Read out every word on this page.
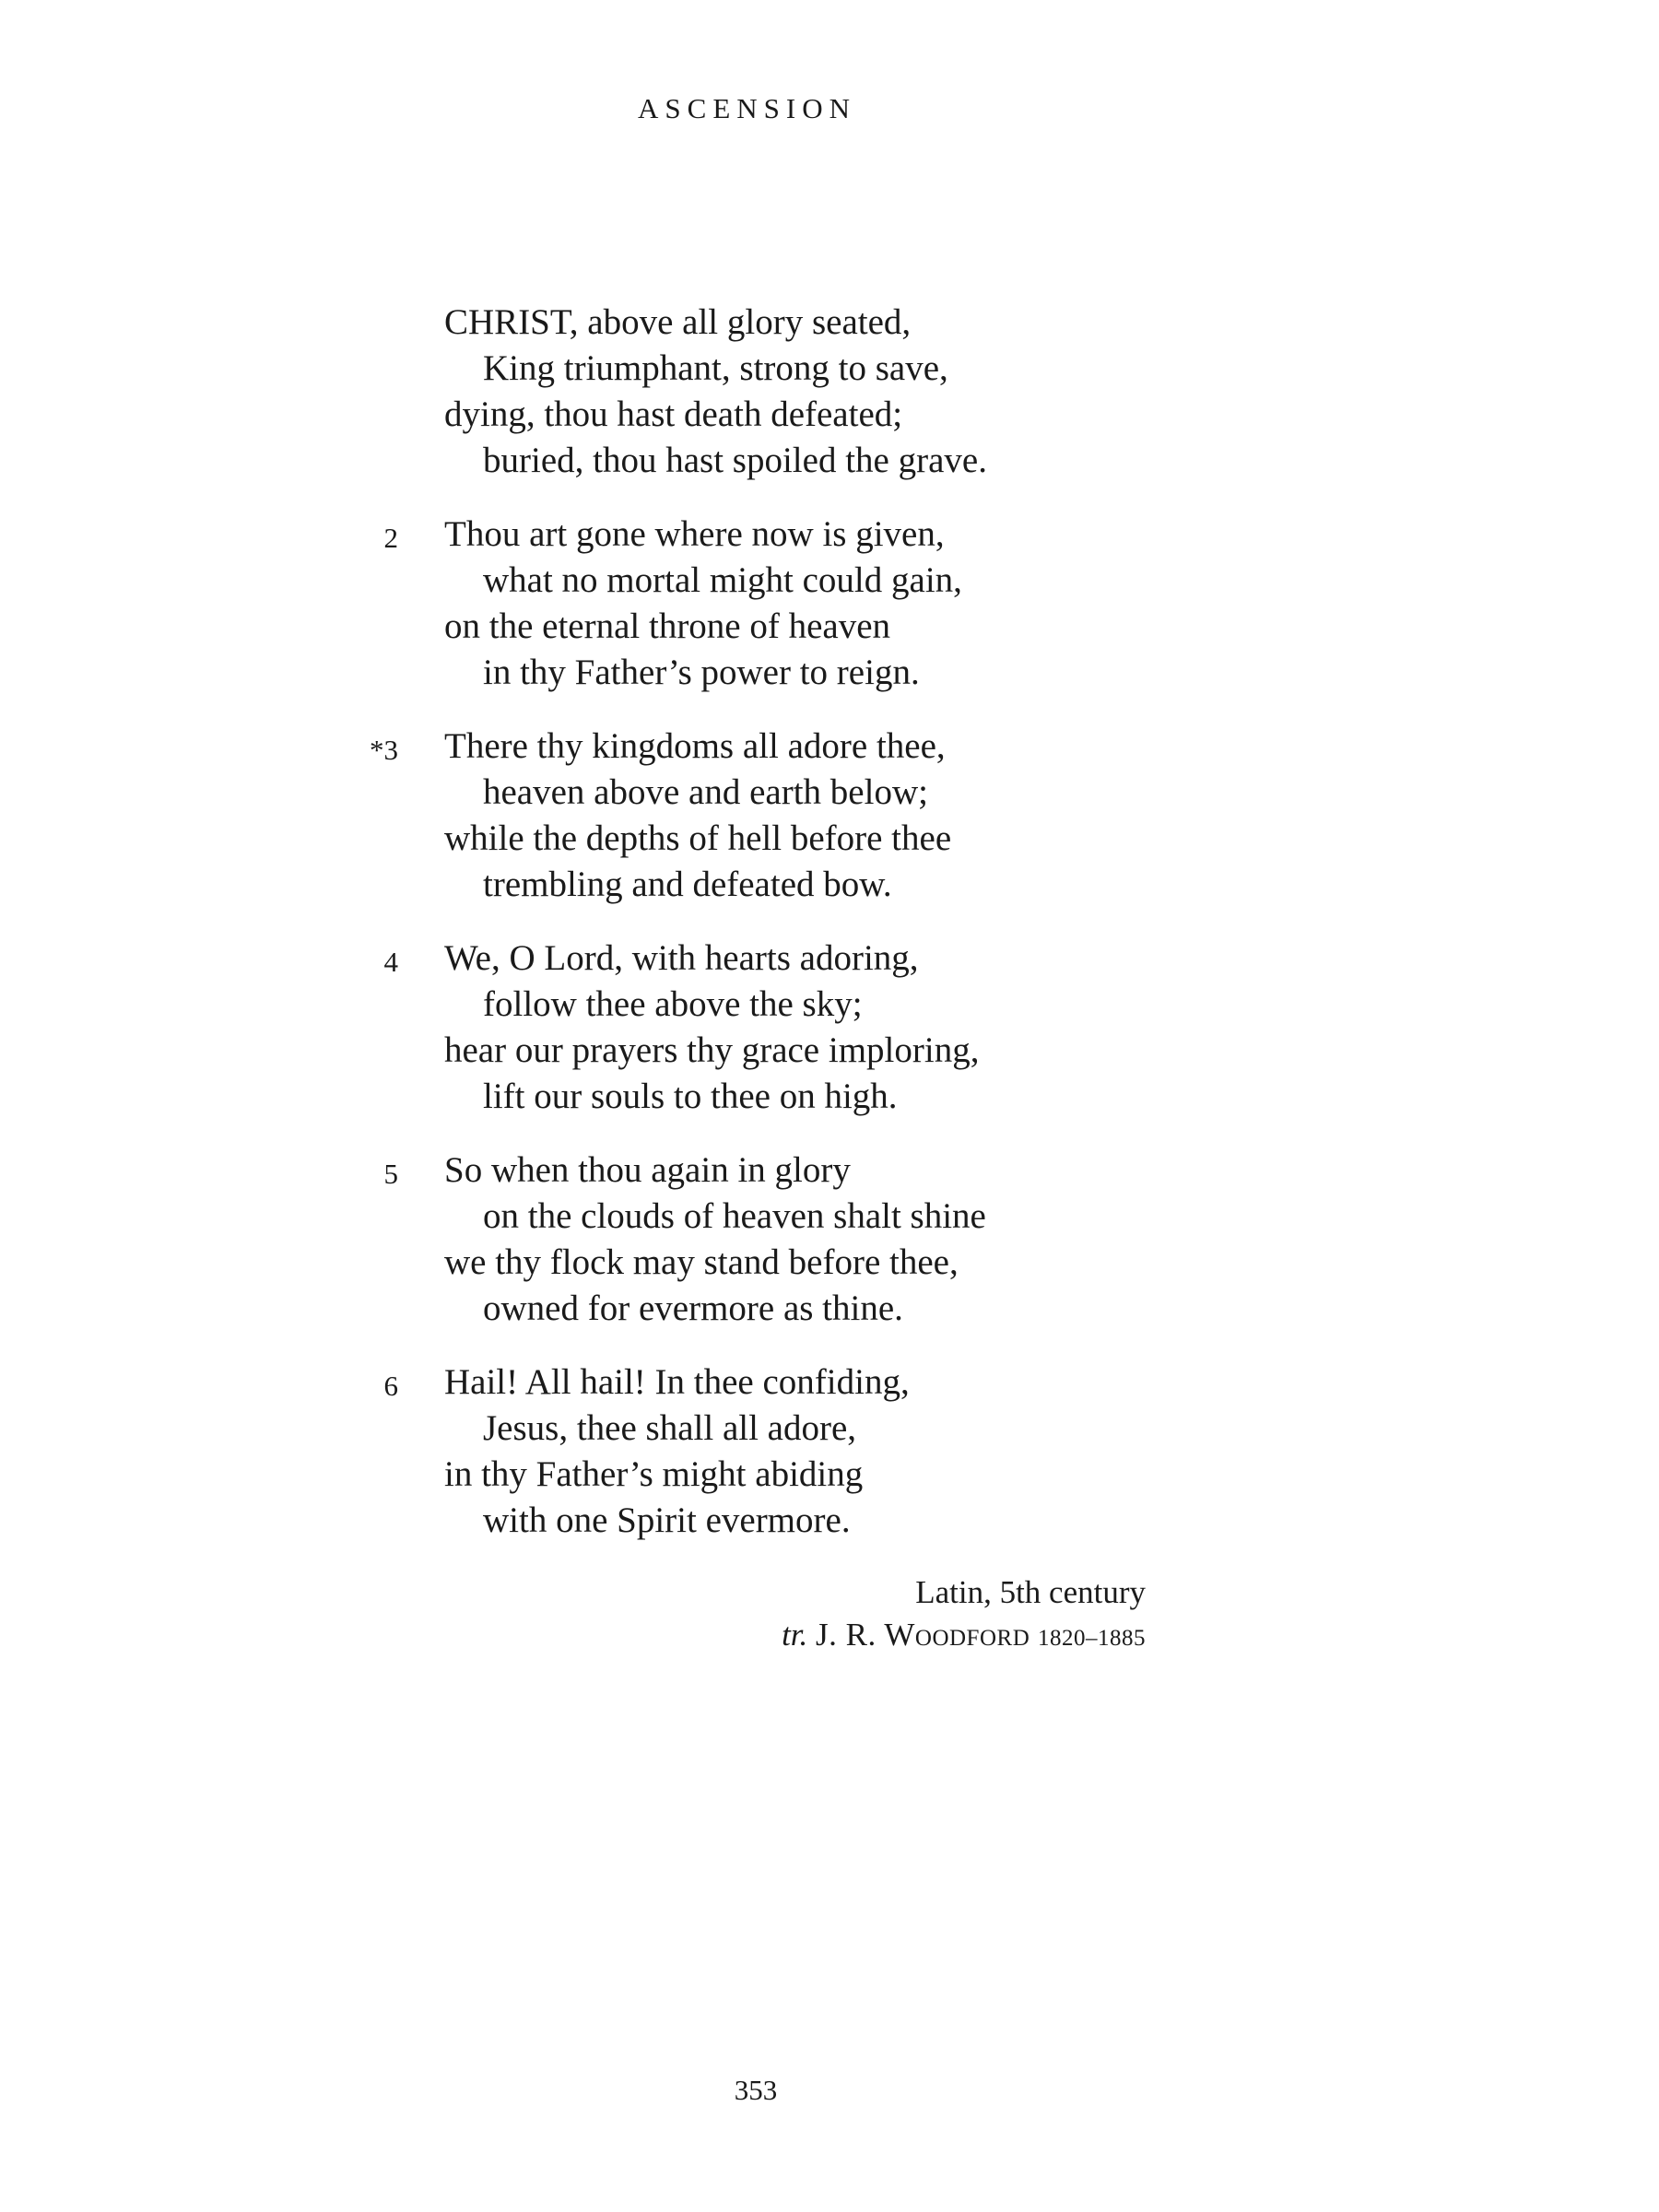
ASCENSION
CHRIST, above all glory seated,
King triumphant, strong to save,
dying, thou hast death defeated;
buried, thou hast spoiled the grave.
2 Thou art gone where now is given,
what no mortal might could gain,
on the eternal throne of heaven
in thy Father’s power to reign.
*3 There thy kingdoms all adore thee,
heaven above and earth below;
while the depths of hell before thee
trembling and defeated bow.
4 We, O Lord, with hearts adoring,
follow thee above the sky;
hear our prayers thy grace imploring,
lift our souls to thee on high.
5 So when thou again in glory
on the clouds of heaven shalt shine
we thy flock may stand before thee,
owned for evermore as thine.
6 Hail! All hail! In thee confiding,
Jesus, thee shall all adore,
in thy Father’s might abiding
with one Spirit evermore.
Latin, 5th century
tr. J. R. Woodford 1820–1885
353
